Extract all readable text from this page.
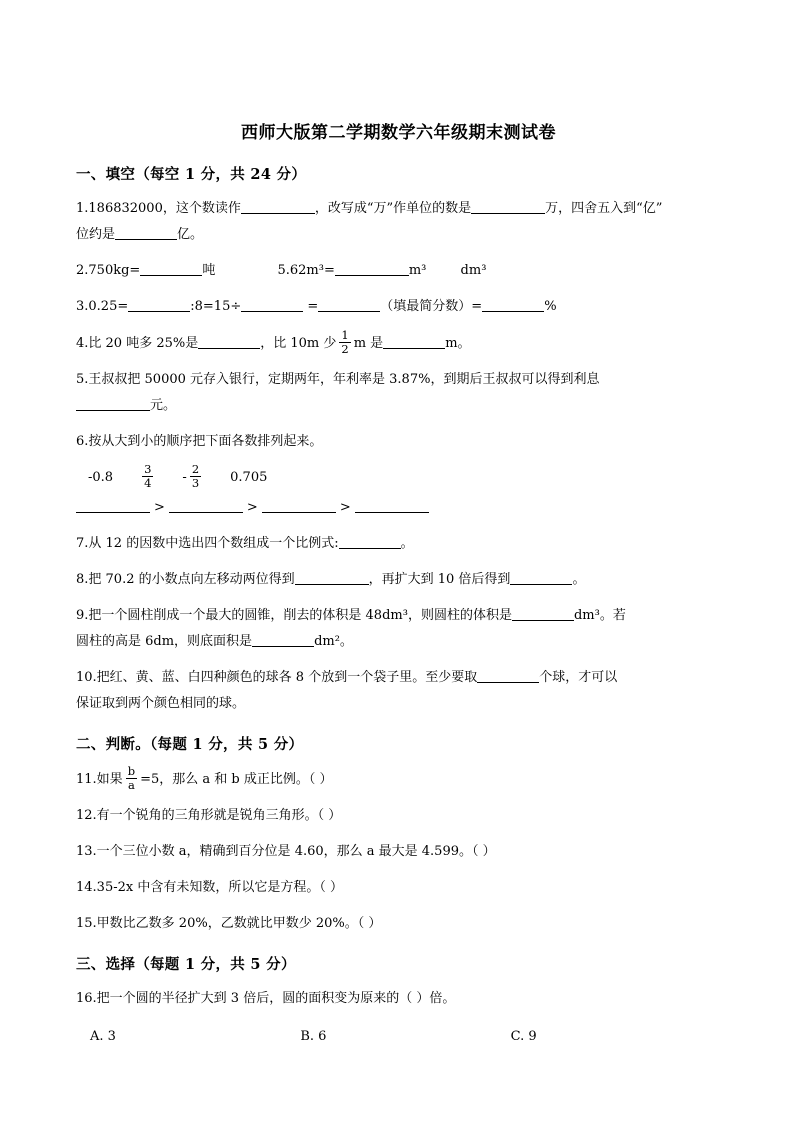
西师大版第二学期数学六年级期末测试卷
一、填空（每空 1 分，共 24 分）
1.186832000，这个数读作	，改写成“万”作单位的数是	万，四舍五入到“亿”
位约是	亿。
2.750kg=	吨	5.62m³=	m³	dm³
3.0.25=	:8=15÷	=	（填最简分数）=	%
4.比 20 吨多 25%是	，比 10m 少 $\frac{1}{2}$ m 是	m。
5.王叔叔把 50000 元存入银行，定期两年，年利率是 3.87%，到期后王叔叔可以得到利息
元。
6.按从大到小的顺序把下面各数排列起来。
-0.8	$\frac{3}{4} - \frac{2}{3} 0.705$
>	>	>
7.从 12 的因数中选出四个数组成一个比例式:	。
8.把 70.2 的小数点向左移动两位得到	，再扩大到 10 倍后得到	。
9.把一个圆柱削成一个最大的圆锥，削去的体积是 48dm³，则圆柱的体积是	dm³。若
圆柱的高是 6dm，则底面积是	dm²。
10.把红、黄、蓝、白四种颜色的球各 8 个放到一个袋子里。至少要取	个球，才可以
保证取到两个颜色相同的球。
二、判断。（每题 1 分，共 5 分）
11.如果 $\frac{b}{a} =5$，那么 a 和 b 成正比例。（ ）
12.有一个锐角的三角形就是锐角三角形。（ ）
13.一个三位小数 a，精确到百分位是 4.60，那么 a 最大是 4.599。（ ）
14.35-2x 中含有未知数，所以它是方程。（ ）
15.甲数比乙数多 20%，乙数就比甲数少 20%。（ ）
三、选择（每题 1 分，共 5 分）
16.把一个圆的半径扩大到 3 倍后，圆的面积变为原来的（ ）倍。
A. 3	B. 6	C. 9
